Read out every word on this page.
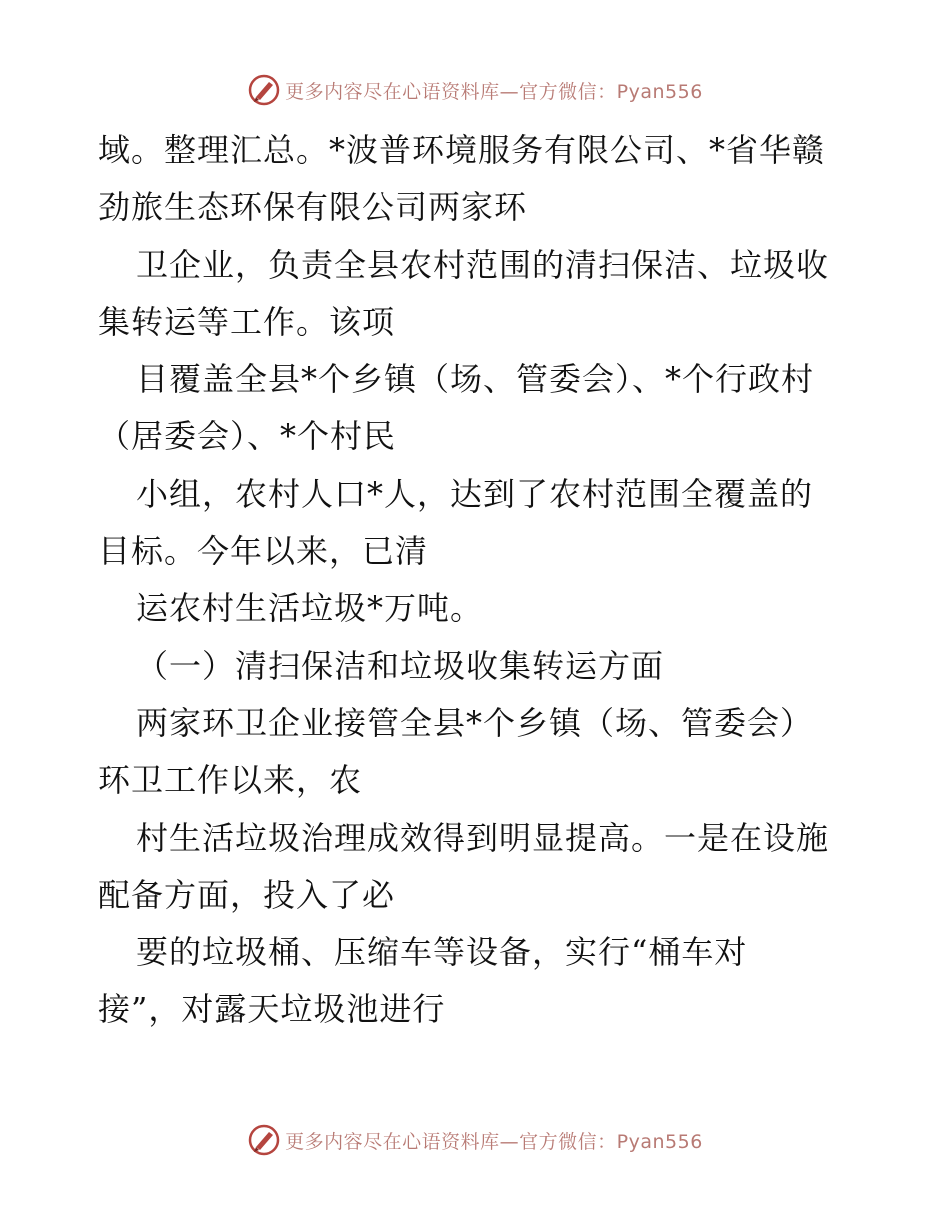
更多内容尽在心语资料库—官方微信：Pyan556
域。整理汇总。*波普环境服务有限公司、*省华赣
劲旅生态环保有限公司两家环
卫企业，负责全县农村范围的清扫保洁、垃圾收
集转运等工作。该项
目覆盖全县*个乡镇（场、管委会）、*个行政村
（居委会）、*个村民
小组，农村人口*人，达到了农村范围全覆盖的
目标。今年以来，已清
运农村生活垃圾*万吨。
（一）清扫保洁和垃圾收集转运方面
两家环卫企业接管全县*个乡镇（场、管委会）
环卫工作以来，农
村生活垃圾治理成效得到明显提高。一是在设施
配备方面，投入了必
要的垃圾桶、压缩车等设备，实行“桶车对
接”，对露天垃圾池进行
更多内容尽在心语资料库—官方微信：Pyan556
